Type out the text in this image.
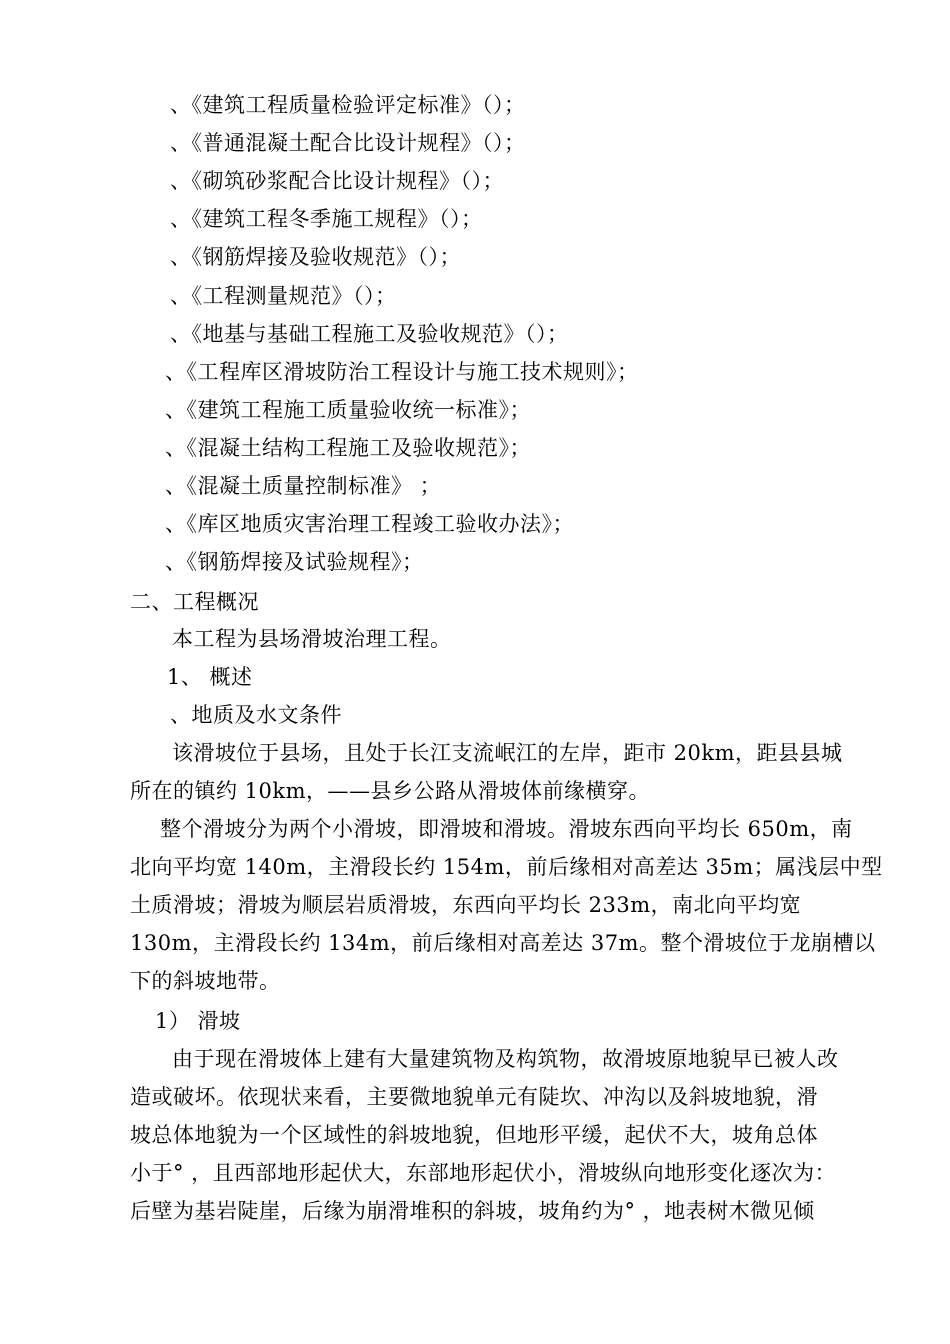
、《建筑工程质量检验评定标准》（）；
、《普通混凝土配合比设计规程》（）；
、《砌筑砂浆配合比设计规程》（）；
、《建筑工程冬季施工规程》（）；
、《钢筋焊接及验收规范》（）；
、《工程测量规范》（）；
、《地基与基础工程施工及验收规范》（）；
、《工程库区滑坡防治工程设计与施工技术规则》；
、《建筑工程施工质量验收统一标准》；
、《混凝土结构工程施工及验收规范》；
、《混凝土质量控制标准》 ；
、《库区地质灾害治理工程竣工验收办法》；
、《钢筋焊接及试验规程》；
二、工程概况
本工程为县场滑坡治理工程。
1、 概述
、地质及水文条件
该滑坡位于县场，且处于长江支流岷江的左岸，距市 20km，距县县城
所在的镇约 10km，——县乡公路从滑坡体前缘横穿。
整个滑坡分为两个小滑坡，即滑坡和滑坡。滑坡东西向平均长 650m，南
北向平均宽 140m，主滑段长约 154m，前后缘相对高差达 35m；属浅层中型
土质滑坡；滑坡为顺层岩质滑坡，东西向平均长 233m，南北向平均宽
130m，主滑段长约 134m，前后缘相对高差达 37m。整个滑坡位于龙崩槽以
下的斜坡地带。
1） 滑坡
由于现在滑坡体上建有大量建筑物及构筑物，故滑坡原地貌早已被人改
造或破坏。依现状来看，主要微地貌单元有陡坎、冲沟以及斜坡地貌，滑
坡总体地貌为一个区域性的斜坡地貌，但地形平缓，起伏不大，坡角总体
小于° ，且西部地形起伏大，东部地形起伏小，滑坡纵向地形变化逐次为：
后壁为基岩陡崖，后缘为崩滑堆积的斜坡，坡角约为° ，地表树木微见倾
